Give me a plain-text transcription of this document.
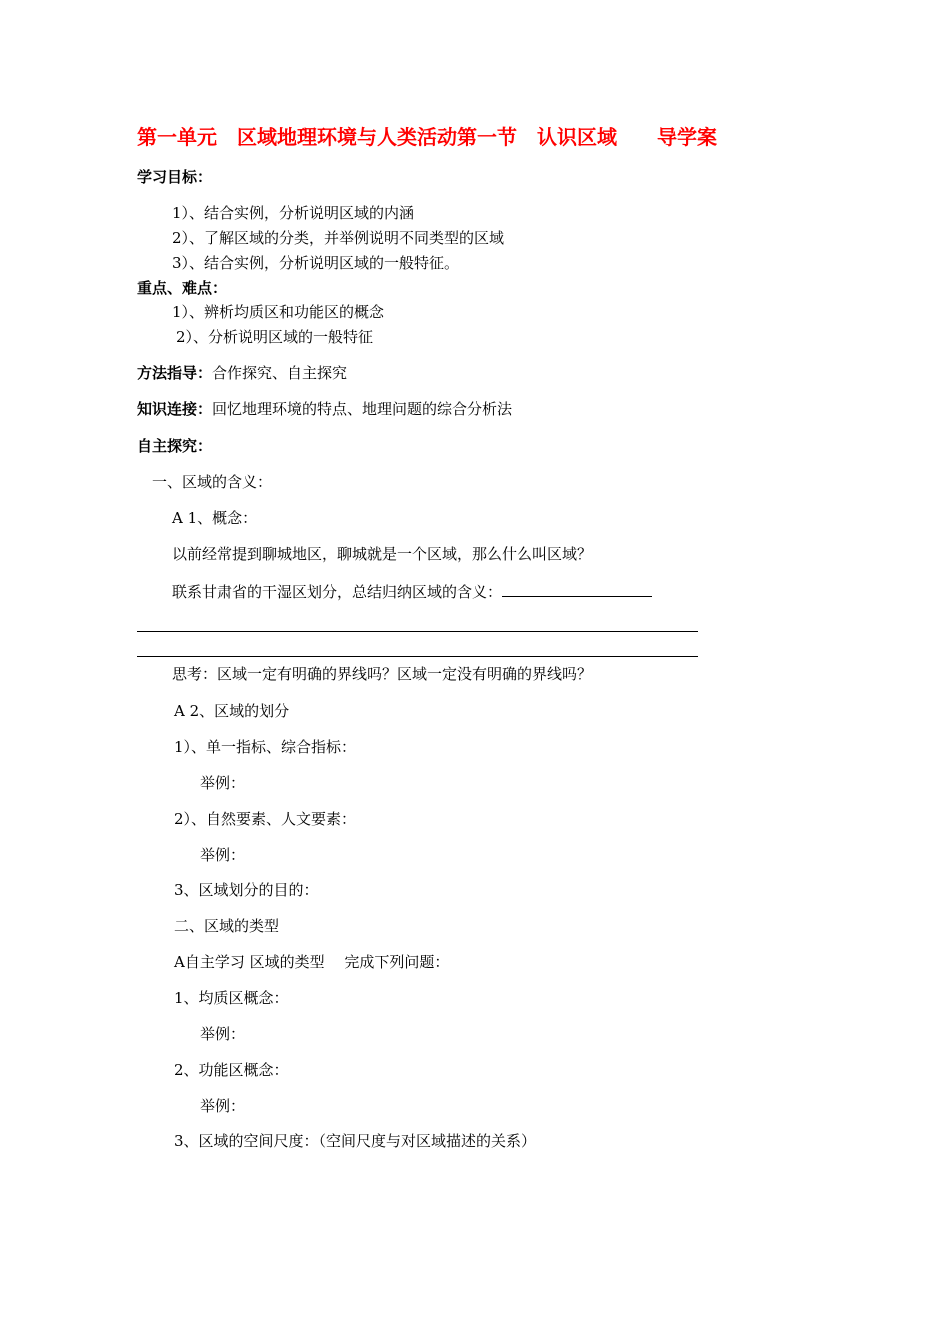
第一单元　区域地理环境与人类活动第一节　认识区域　　导学案
学习目标：
1）、结合实例，分析说明区域的内涵
2）、了解区域的分类，并举例说明不同类型的区域
3）、结合实例，分析说明区域的一般特征。
重点、难点：
1）、辨析均质区和功能区的概念
2）、分析说明区域的一般特征
方法指导：合作探究、自主探究
知识连接：回忆地理环境的特点、地理问题的综合分析法
自主探究：
一、区域的含义：
A 1、概念：
以前经常提到聊城地区，聊城就是一个区域，那么什么叫区域？
联系甘肃省的干湿区划分，总结归纳区域的含义：
思考：区域一定有明确的界线吗？区域一定没有明确的界线吗？
A 2、区域的划分
1）、单一指标、综合指标：
举例：
2）、自然要素、人文要素：
举例：
3、区域划分的目的：
二、区域的类型
A自主学习 区域的类型　 完成下列问题：
1、均质区概念：
举例：
2、功能区概念：
举例：
3、区域的空间尺度：（空间尺度与对区域描述的关系）
